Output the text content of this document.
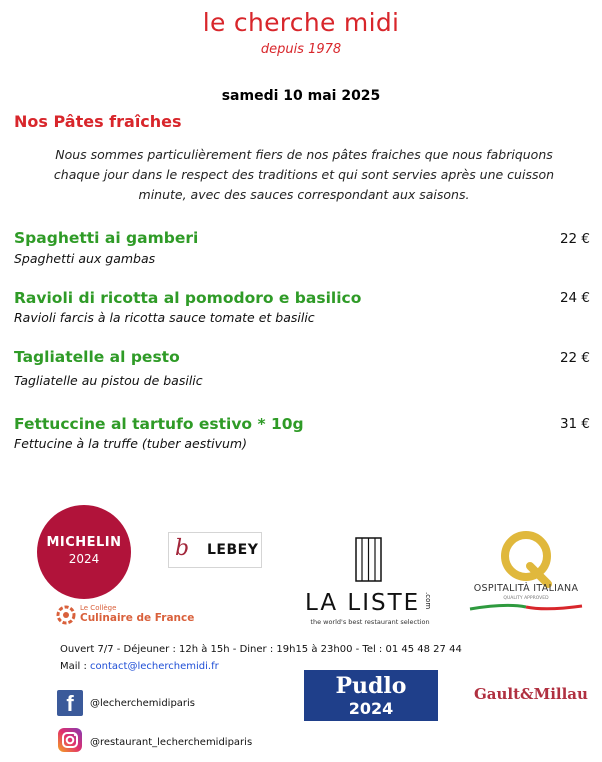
le cherche midi
depuis 1978
samedi 10 mai 2025
Nos Pâtes fraîches
Nous sommes particulièrement fiers de nos pâtes fraiches que nous fabriquons
chaque jour dans le respect des traditions et qui sont servies après une cuisson
minute, avec des sauces correspondant aux saisons.
Spaghetti ai gamberi
Spaghetti aux gambas
22 €
Ravioli di ricotta al pomodoro e basilico
Ravioli farcis à la ricotta sauce tomate et basilic
24 €
Tagliatelle al pesto
Tagliatelle au pistou de basilic
22 €
Fettuccine al tartufo estivo * 10g
Fettucine à la truffe (tuber aestivum)
31 €
MICHELIN
2024	b LEBEY
LA LISTE .com
the world's best restaurant selection
OSPITALITÀ ITALIANA
QUALITY APPROVED
Le Collège
Culinaire de France
Ouvert 7/7 - Déjeuner : 12h à 15h - Diner : 19h15 à 23h00 - Tel : 01 45 48 27 44
Mail : contact@lecherchemidi.fr
f	@lecherchemidiparis
@restaurant_lecherchemidiparis
Pudlo
2024
Gault&Millau
